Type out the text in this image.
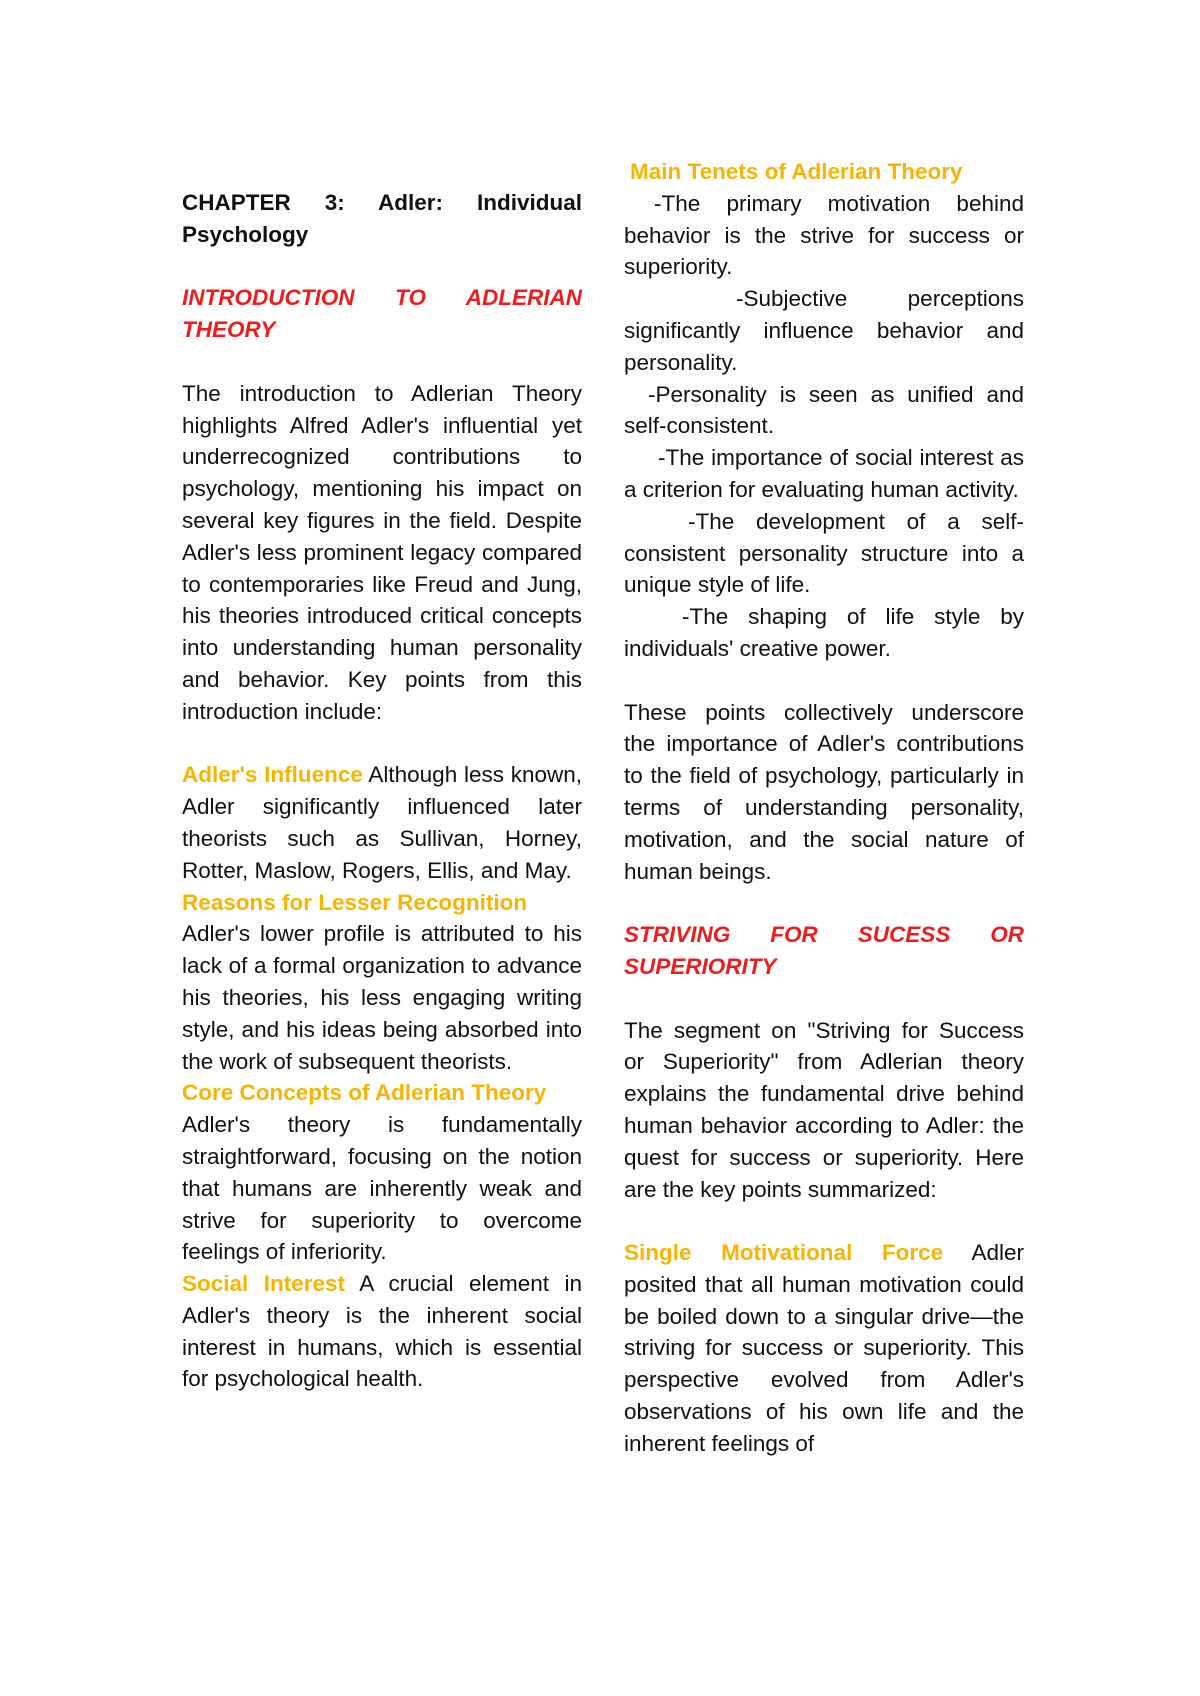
CHAPTER 3: Adler: Individual Psychology

INTRODUCTION TO ADLERIAN THEORY

The introduction to Adlerian Theory highlights Alfred Adler's influential yet underrecognized contributions to psychology, mentioning his impact on several key figures in the field. Despite Adler's less prominent legacy compared to contemporaries like Freud and Jung, his theories introduced critical concepts into understanding human personality and behavior. Key points from this introduction include:

Adler's Influence Although less known, Adler significantly influenced later theorists such as Sullivan, Horney, Rotter, Maslow, Rogers, Ellis, and May.

Reasons for Lesser Recognition

Adler's lower profile is attributed to his lack of a formal organization to advance his theories, his less engaging writing style, and his ideas being absorbed into the work of subsequent theorists.

Core Concepts of Adlerian Theory

Adler's theory is fundamentally straightforward, focusing on the notion that humans are inherently weak and strive for superiority to overcome feelings of inferiority.

Social Interest A crucial element in Adler's theory is the inherent social interest in humans, which is essential for psychological health.

Main Tenets of Adlerian Theory

-The primary motivation behind behavior is the strive for success or superiority.

-Subjective perceptions significantly influence behavior and personality.

-Personality is seen as unified and self-consistent.

-The importance of social interest as a criterion for evaluating human activity.

-The development of a self-consistent personality structure into a unique style of life.

-The shaping of life style by individuals' creative power.

These points collectively underscore the importance of Adler's contributions to the field of psychology, particularly in terms of understanding personality, motivation, and the social nature of human beings.

STRIVING FOR SUCESS OR SUPERIORITY

The segment on "Striving for Success or Superiority" from Adlerian theory explains the fundamental drive behind human behavior according to Adler: the quest for success or superiority. Here are the key points summarized:

Single Motivational Force Adler posited that all human motivation could be boiled down to a singular drive—the striving for success or superiority. This perspective evolved from Adler's observations of his own life and the inherent feelings of
